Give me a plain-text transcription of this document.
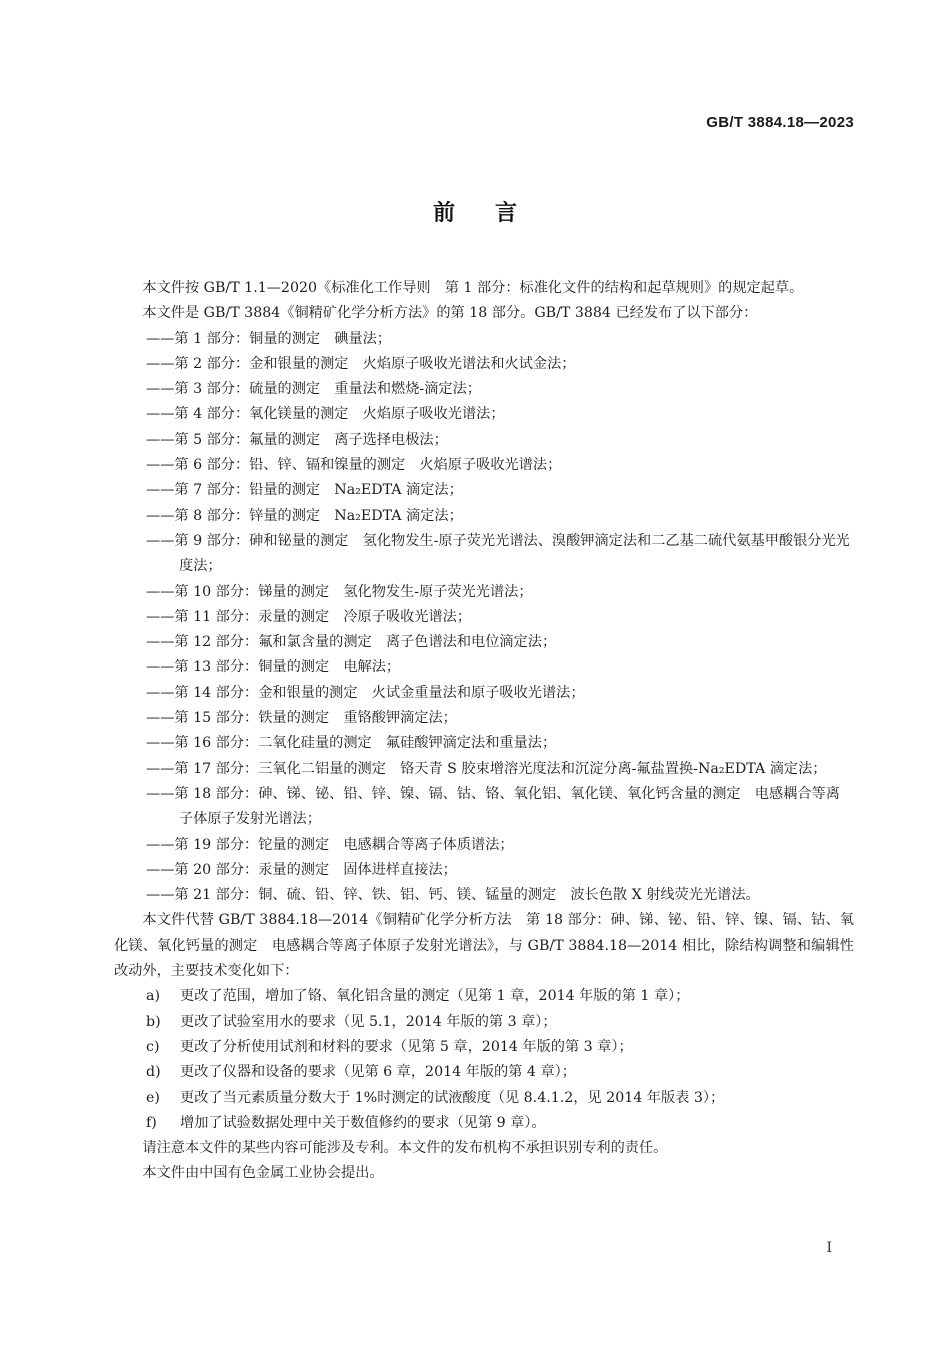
GB/T 3884.18—2023
前言

本文件按 GB/T 1.1—2020《标准化工作导则　第 1 部分：标准化文件的结构和起草规则》的规定起草。

本文件是 GB/T 3884《铜精矿化学分析方法》的第 18 部分。GB/T 3884 已经发布了以下部分：

——第 1 部分：铜量的测定　碘量法；

——第 2 部分：金和银量的测定　火焰原子吸收光谱法和火试金法；

——第 3 部分：硫量的测定　重量法和燃烧-滴定法；

——第 4 部分：氧化镁量的测定　火焰原子吸收光谱法；

——第 5 部分：氟量的测定　离子选择电极法；

——第 6 部分：铅、锌、镉和镍量的测定　火焰原子吸收光谱法；

——第 7 部分：铅量的测定　Na₂EDTA 滴定法；

——第 8 部分：锌量的测定　Na₂EDTA 滴定法；

——第 9 部分：砷和铋量的测定　氢化物发生-原子荧光光谱法、溴酸钾滴定法和二乙基二硫代氨基甲酸银分光光度法；

——第 10 部分：锑量的测定　氢化物发生-原子荧光光谱法；

——第 11 部分：汞量的测定　冷原子吸收光谱法；

——第 12 部分：氟和氯含量的测定　离子色谱法和电位滴定法；

——第 13 部分：铜量的测定　电解法；

——第 14 部分：金和银量的测定　火试金重量法和原子吸收光谱法；

——第 15 部分：铁量的测定　重铬酸钾滴定法；

——第 16 部分：二氧化硅量的测定　氟硅酸钾滴定法和重量法；

——第 17 部分：三氧化二铝量的测定　铬天青 S 胶束增溶光度法和沉淀分离-氟盐置换-Na₂EDTA 滴定法；

——第 18 部分：砷、锑、铋、铅、锌、镍、镉、钴、铬、氧化铝、氧化镁、氧化钙含量的测定　电感耦合等离子体原子发射光谱法；

——第 19 部分：铊量的测定　电感耦合等离子体质谱法；

——第 20 部分：汞量的测定　固体进样直接法；

——第 21 部分：铜、硫、铅、锌、铁、铝、钙、镁、锰量的测定　波长色散 X 射线荧光光谱法。

本文件代替 GB/T 3884.18—2014《铜精矿化学分析方法　第 18 部分：砷、锑、铋、铅、锌、镍、镉、钴、氧化镁、氧化钙量的测定　电感耦合等离子体原子发射光谱法》，与 GB/T 3884.18—2014 相比，除结构调整和编辑性改动外，主要技术变化如下：

a) 更改了范围，增加了铬、氧化铝含量的测定（见第 1 章，2014 年版的第 1 章）；

b) 更改了试验室用水的要求（见 5.1，2014 年版的第 3 章）；

c) 更改了分析使用试剂和材料的要求（见第 5 章，2014 年版的第 3 章）；

d) 更改了仪器和设备的要求（见第 6 章，2014 年版的第 4 章）；

e) 更改了当元素质量分数大于 1%时测定的试液酸度（见 8.4.1.2，见 2014 年版表 3）；

f) 增加了试验数据处理中关于数值修约的要求（见第 9 章）。

请注意本文件的某些内容可能涉及专利。本文件的发布机构不承担识别专利的责任。

本文件由中国有色金属工业协会提出。

I
